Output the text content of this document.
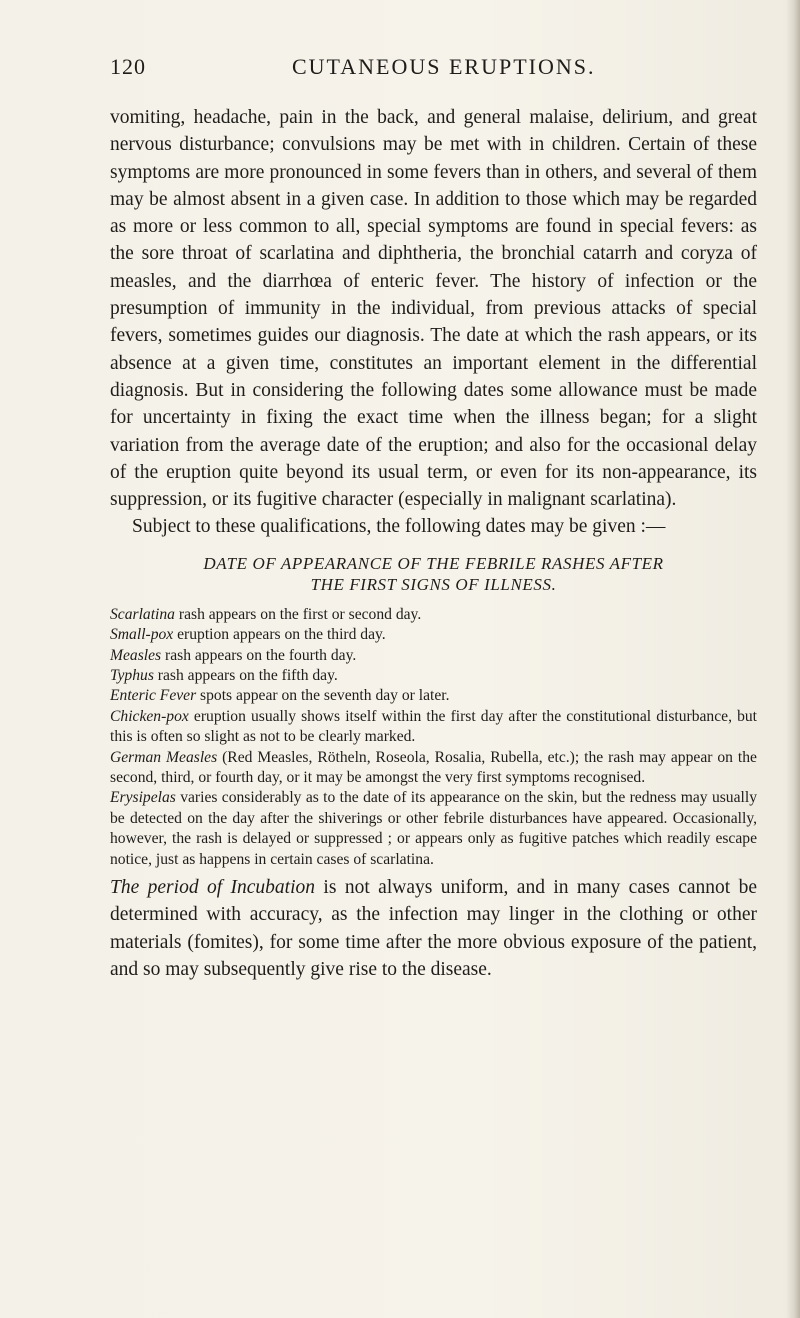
120	CUTANEOUS ERUPTIONS.

vomiting, headache, pain in the back, and general malaise, delirium, and great nervous disturbance; convulsions may be met with in children. Certain of these symptoms are more pronounced in some fevers than in others, and several of them may be almost absent in a given case. In addition to those which may be regarded as more or less common to all, special symptoms are found in special fevers: as the sore throat of scarlatina and diphtheria, the bronchial catarrh and coryza of measles, and the diarrhœa of enteric fever. The history of infection or the presumption of immunity in the individual, from previous attacks of special fevers, sometimes guides our diagnosis. The date at which the rash appears, or its absence at a given time, constitutes an important element in the differential diagnosis. But in considering the following dates some allowance must be made for uncertainty in fixing the exact time when the illness began; for a slight variation from the average date of the eruption; and also for the occasional delay of the eruption quite beyond its usual term, or even for its non-appearance, its suppression, or its fugitive character (especially in malignant scarlatina).

Subject to these qualifications, the following dates may be given :—

DATE OF APPEARANCE OF THE FEBRILE RASHES AFTER
THE FIRST SIGNS OF ILLNESS.

Scarlatina rash appears on the first or second day.

Small-pox eruption appears on the third day.

Measles rash appears on the fourth day.

Typhus rash appears on the fifth day.

Enteric Fever spots appear on the seventh day or later.

Chicken-pox eruption usually shows itself within the first day after the constitutional disturbance, but this is often so slight as not to be clearly marked.

German Measles (Red Measles, Rötheln, Roseola, Rosalia, Rubella, etc.); the rash may appear on the second, third, or fourth day, or it may be amongst the very first symptoms recognised.

Erysipelas varies considerably as to the date of its appearance on the skin, but the redness may usually be detected on the day after the shiverings or other febrile disturbances have appeared. Occasionally, however, the rash is delayed or suppressed ; or appears only as fugitive patches which readily escape notice, just as happens in certain cases of scarlatina.

The period of Incubation is not always uniform, and in many cases cannot be determined with accuracy, as the infection may linger in the clothing or other materials (fomites), for some time after the more obvious exposure of the patient, and so may subsequently give rise to the disease.
